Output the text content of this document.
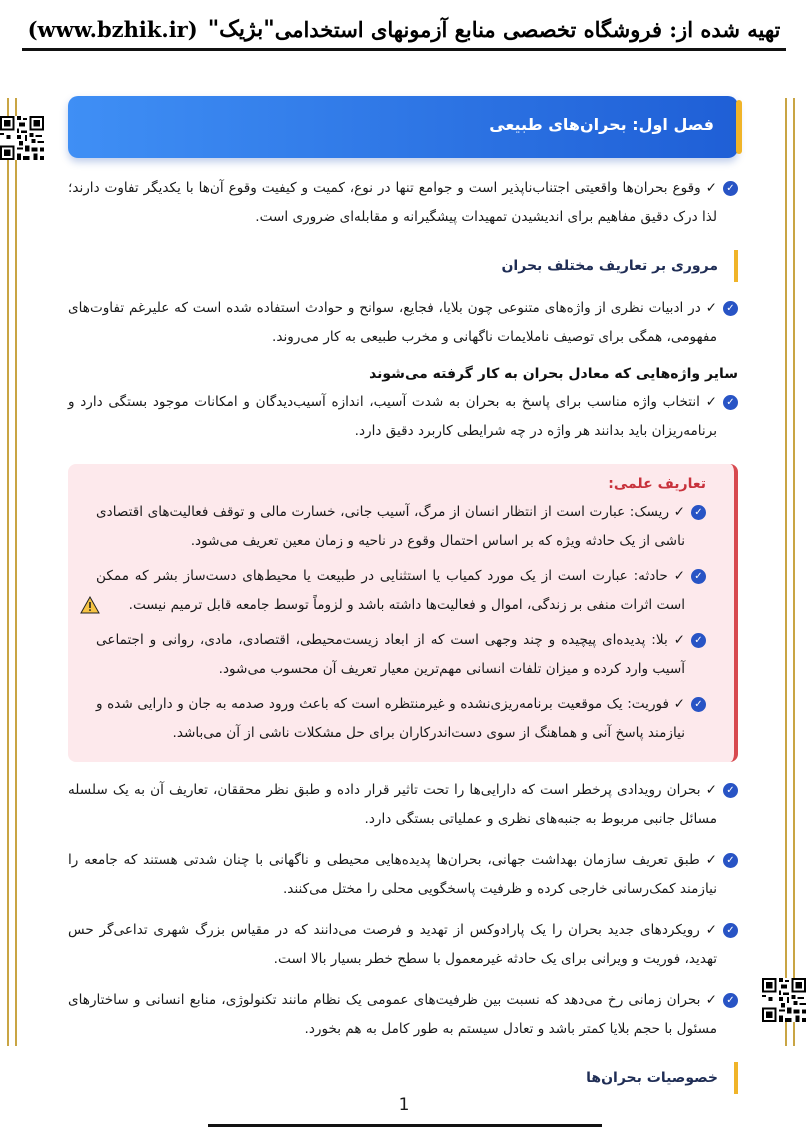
تهیه شده از: فروشگاه تخصصی منابع آزمونهای استخدامی
"بژیک"
(www.bzhik.ir)
فصل اول: بحران‌های طبیعی
✓

✓ وقوع بحران‌ها واقعیتی اجتناب‌ناپذیر است و جوامع تنها در نوع، کمیت و کیفیت وقوع آن‌ها با یکدیگر تفاوت دارند؛ لذا درک دقیق مفاهیم برای اندیشیدن تمهیدات پیشگیرانه و مقابله‌ای ضروری است.

مروری بر تعاریف مختلف بحران
✓

✓ در ادبیات نظری از واژه‌های متنوعی چون بلایا، فجایع، سوانح و حوادث استفاده شده است که علیرغم تفاوت‌های مفهومی، همگی برای توصیف ناملایمات ناگهانی و مخرب طبیعی به کار می‌روند.

سایر واژه‌هایی که معادل بحران به کار گرفته می‌شوند
✓

✓ انتخاب واژه مناسب برای پاسخ به بحران به شدت آسیب، اندازه آسیب‌دیدگان و امکانات موجود بستگی دارد و برنامه‌ریزان باید بدانند هر واژه در چه شرایطی کاربرد دقیق دارد.

تعاریف علمی:
✓

✓ ریسک: عبارت است از انتظار انسان از مرگ، آسیب جانی، خسارت مالی و توقف فعالیت‌های اقتصادی ناشی از یک حادثه ویژه که بر اساس احتمال وقوع در ناحیه و زمان معین تعریف می‌شود.

✓

✓ حادثه: عبارت است از یک مورد کمیاب یا استثنایی در طبیعت یا محیط‌های دست‌ساز بشر که ممکن است اثرات منفی بر زندگی، اموال و فعالیت‌ها داشته باشد و لزوماً توسط جامعه قابل ترمیم نیست.

✓

✓ بلا: پدیده‌ای پیچیده و چند وجهی است که از ابعاد زیست‌محیطی، اقتصادی، مادی، روانی و اجتماعی آسیب وارد کرده و میزان تلفات انسانی مهم‌ترین معیار تعریف آن محسوب می‌شود.

✓

✓ فوریت: یک موقعیت برنامه‌ریزی‌نشده و غیرمنتظره است که باعث ورود صدمه به جان و دارایی شده و نیازمند پاسخ آنی و هماهنگ از سوی دست‌اندرکاران برای حل مشکلات ناشی از آن می‌باشد.

✓

✓ بحران رویدادی پرخطر است که دارایی‌ها را تحت تاثیر قرار داده و طبق نظر محققان، تعاریف آن به یک سلسله مسائل جانبی مربوط به جنبه‌های نظری و عملیاتی بستگی دارد.

✓

✓ طبق تعریف سازمان بهداشت جهانی، بحران‌ها پدیده‌هایی محیطی و ناگهانی با چنان شدتی هستند که جامعه را نیازمند کمک‌رسانی خارجی کرده و ظرفیت پاسخگویی محلی را مختل می‌کنند.

✓

✓ رویکردهای جدید بحران را یک پارادوکس از تهدید و فرصت می‌دانند که در مقیاس بزرگ شهری تداعی‌گر حس تهدید، فوریت و ویرانی برای یک حادثه غیرمعمول با سطح خطر بسیار بالا است.

✓

✓ بحران زمانی رخ می‌دهد که نسبت بین ظرفیت‌های عمومی یک نظام مانند تکنولوژی، منابع انسانی و ساختارهای مسئول با حجم بلایا کمتر باشد و تعادل سیستم به طور کامل به هم بخورد.

خصوصیات بحران‌ها
1
